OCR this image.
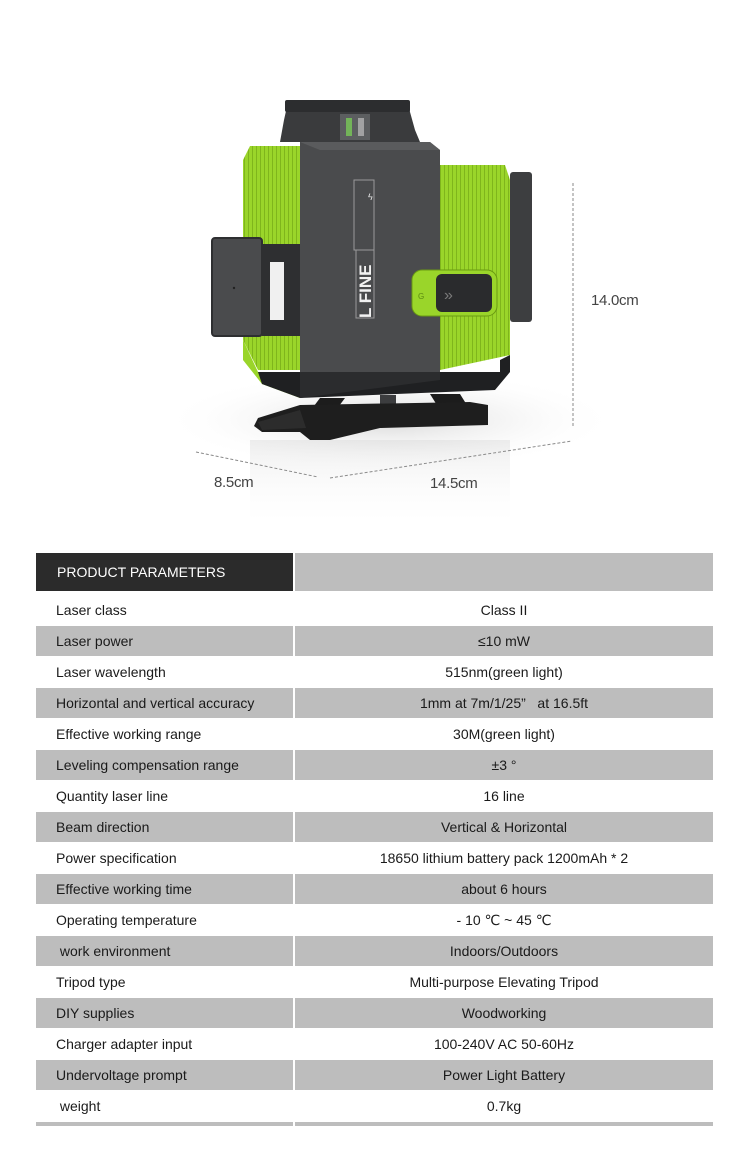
L FINE
ϟ
»
G	14.0cm
8.5cm	14.5cm
PRODUCT PARAMETERS
Laser class	Class II
Laser power	≤10 mW
Laser wavelength	515nm(green light)
Horizontal and vertical accuracy	1mm at 7m/1/25”   at 16.5ft
Effective working range	30M(green light)
Leveling compensation range	±3 °
Quantity laser line	16 line
Beam direction	Vertical & Horizontal
Power specification	18650 lithium battery pack 1200mAh * 2
Effective working time	about 6 hours
Operating temperature	- 10 ℃ ~ 45 ℃
work environment	Indoors/Outdoors
Tripod type	Multi-purpose Elevating Tripod
DIY supplies	Woodworking
Charger adapter input	100-240V AC 50-60Hz
Undervoltage prompt	Power Light Battery
weight	0.7kg
